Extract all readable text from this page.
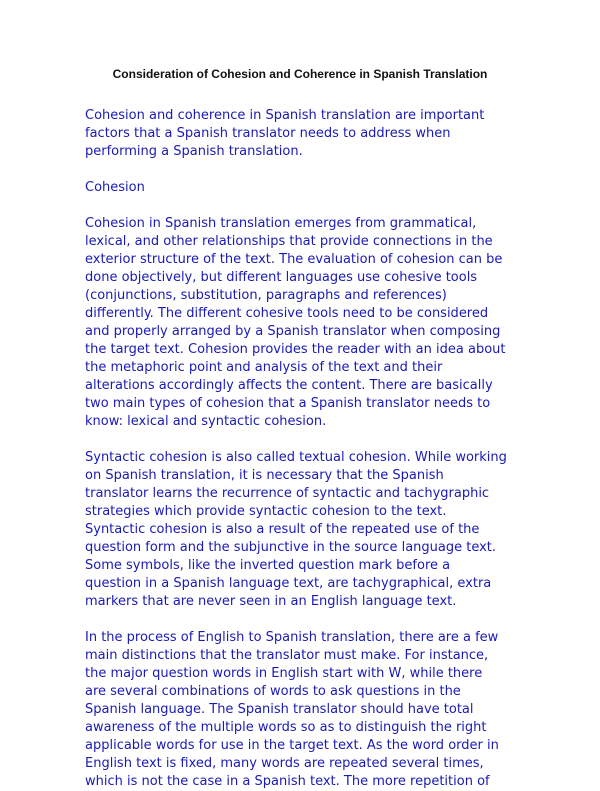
Consideration of Cohesion and Coherence in Spanish Translation

Cohesion and coherence in Spanish translation are important
factors that a Spanish translator needs to address when
performing a Spanish translation.

Cohesion

Cohesion in Spanish translation emerges from grammatical,
lexical, and other relationships that provide connections in the
exterior structure of the text. The evaluation of cohesion can be
done objectively, but different languages use cohesive tools
(conjunctions, substitution, paragraphs and references)
differently. The different cohesive tools need to be considered
and properly arranged by a Spanish translator when composing
the target text. Cohesion provides the reader with an idea about
the metaphoric point and analysis of the text and their
alterations accordingly affects the content. There are basically
two main types of cohesion that a Spanish translator needs to
know: lexical and syntactic cohesion.

Syntactic cohesion is also called textual cohesion. While working
on Spanish translation, it is necessary that the Spanish
translator learns the recurrence of syntactic and tachygraphic
strategies which provide syntactic cohesion to the text.
Syntactic cohesion is also a result of the repeated use of the
question form and the subjunctive in the source language text.
Some symbols, like the inverted question mark before a
question in a Spanish language text, are tachygraphical, extra
markers that are never seen in an English language text.

In the process of English to Spanish translation, there are a few
main distinctions that the translator must make. For instance,
the major question words in English start with W, while there
are several combinations of words to ask questions in the
Spanish language. The Spanish translator should have total
awareness of the multiple words so as to distinguish the right
applicable words for use in the target text. As the word order in
English text is fixed, many words are repeated several times,
which is not the case in a Spanish text. The more repetition of
